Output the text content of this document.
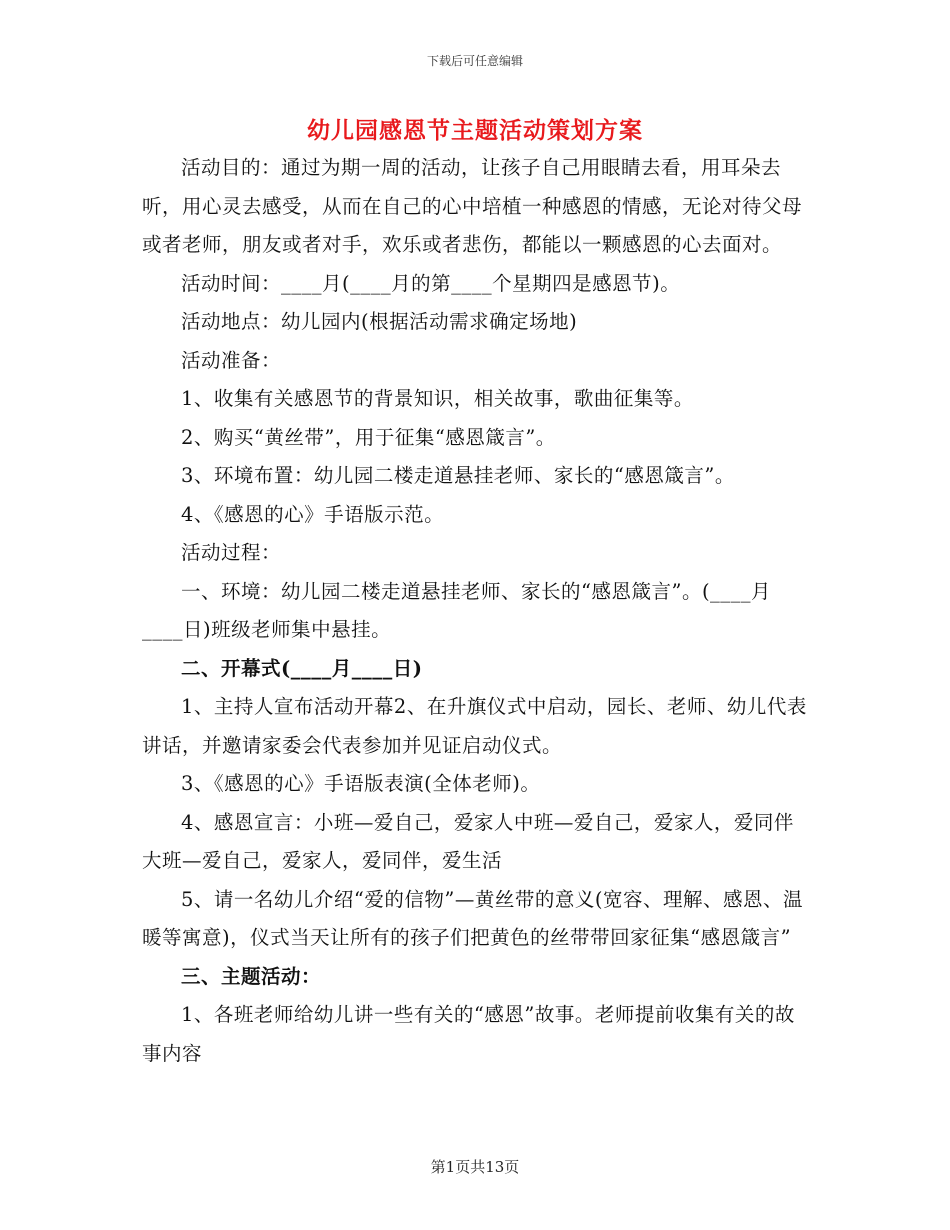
下载后可任意编辑
幼儿园感恩节主题活动策划方案

活动目的：通过为期一周的活动，让孩子自己用眼睛去看，用耳朵去听，用心灵去感受，从而在自己的心中培植一种感恩的情感，无论对待父母或者老师，朋友或者对手，欢乐或者悲伤，都能以一颗感恩的心去面对。

活动时间：____月(____月的第____个星期四是感恩节)。

活动地点：幼儿园内(根据活动需求确定场地)

活动准备：

1、收集有关感恩节的背景知识，相关故事，歌曲征集等。

2、购买“黄丝带”，用于征集“感恩箴言”。

3、环境布置：幼儿园二楼走道悬挂老师、家长的“感恩箴言”。

4、《感恩的心》手语版示范。

活动过程：

一、环境：幼儿园二楼走道悬挂老师、家长的“感恩箴言”。(____月____日)班级老师集中悬挂。

二、开幕式(____月____日)

1、主持人宣布活动开幕2、在升旗仪式中启动，园长、老师、幼儿代表讲话，并邀请家委会代表参加并见证启动仪式。

3、《感恩的心》手语版表演(全体老师)。

4、感恩宣言：小班—爱自己，爱家人中班—爱自己，爱家人，爱同伴大班—爱自己，爱家人，爱同伴，爱生活

5、请一名幼儿介绍“爱的信物”—黄丝带的意义(宽容、理解、感恩、温暖等寓意)，仪式当天让所有的孩子们把黄色的丝带带回家征集“感恩箴言”

三、主题活动：

1、各班老师给幼儿讲一些有关的“感恩”故事。老师提前收集有关的故事内容

第1页共13页
